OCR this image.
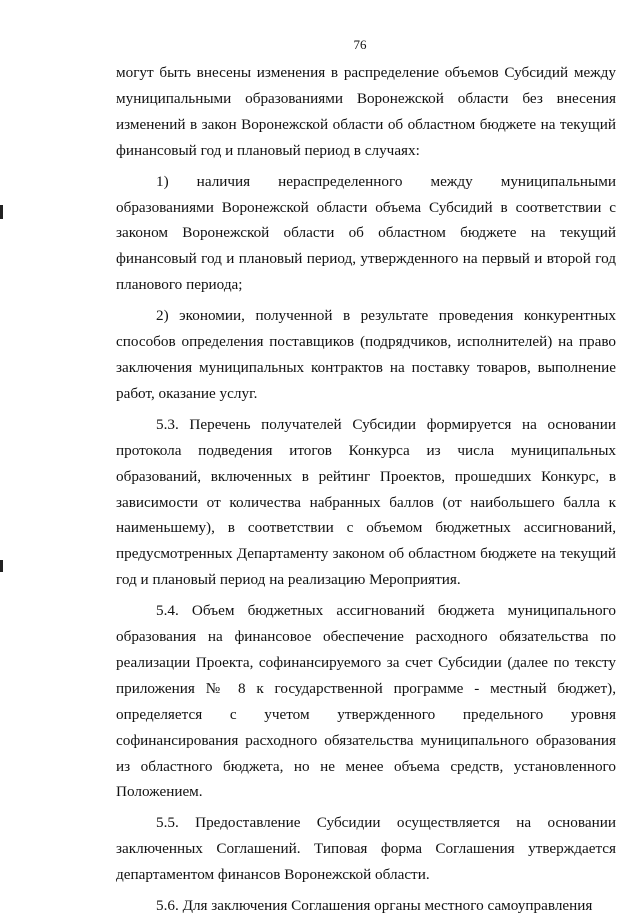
76

могут быть внесены изменения в распределение объемов Субсидий между муниципальными образованиями Воронежской области без внесения изменений в закон Воронежской области об областном бюджете на текущий финансовый год и плановый период в случаях:

1) наличия нераспределенного между муниципальными образованиями Воронежской области объема Субсидий в соответствии с законом Воронежской области об областном бюджете на текущий финансовый год и плановый период, утвержденного на первый и второй год планового периода;

2) экономии, полученной в результате проведения конкурентных способов определения поставщиков (подрядчиков, исполнителей) на право заключения муниципальных контрактов на поставку товаров, выполнение работ, оказание услуг.

5.3. Перечень получателей Субсидии формируется на основании протокола подведения итогов Конкурса из числа муниципальных образований, включенных в рейтинг Проектов, прошедших Конкурс, в зависимости от количества набранных баллов (от наибольшего балла к наименьшему), в соответствии с объемом бюджетных ассигнований, предусмотренных Департаменту законом об областном бюджете на текущий год и плановый период на реализацию Мероприятия.

5.4. Объем бюджетных ассигнований бюджета муниципального образования на финансовое обеспечение расходного обязательства по реализации Проекта, софинансируемого за счет Субсидии (далее по тексту приложения № 8 к государственной программе - местный бюджет), определяется с учетом утвержденного предельного уровня софинансирования расходного обязательства муниципального образования из областного бюджета, но не менее объема средств, установленного Положением.

5.5. Предоставление Субсидии осуществляется на основании заключенных Соглашений. Типовая форма Соглашения утверждается департаментом финансов Воронежской области.

5.6. Для заключения Соглашения органы местного самоуправления
